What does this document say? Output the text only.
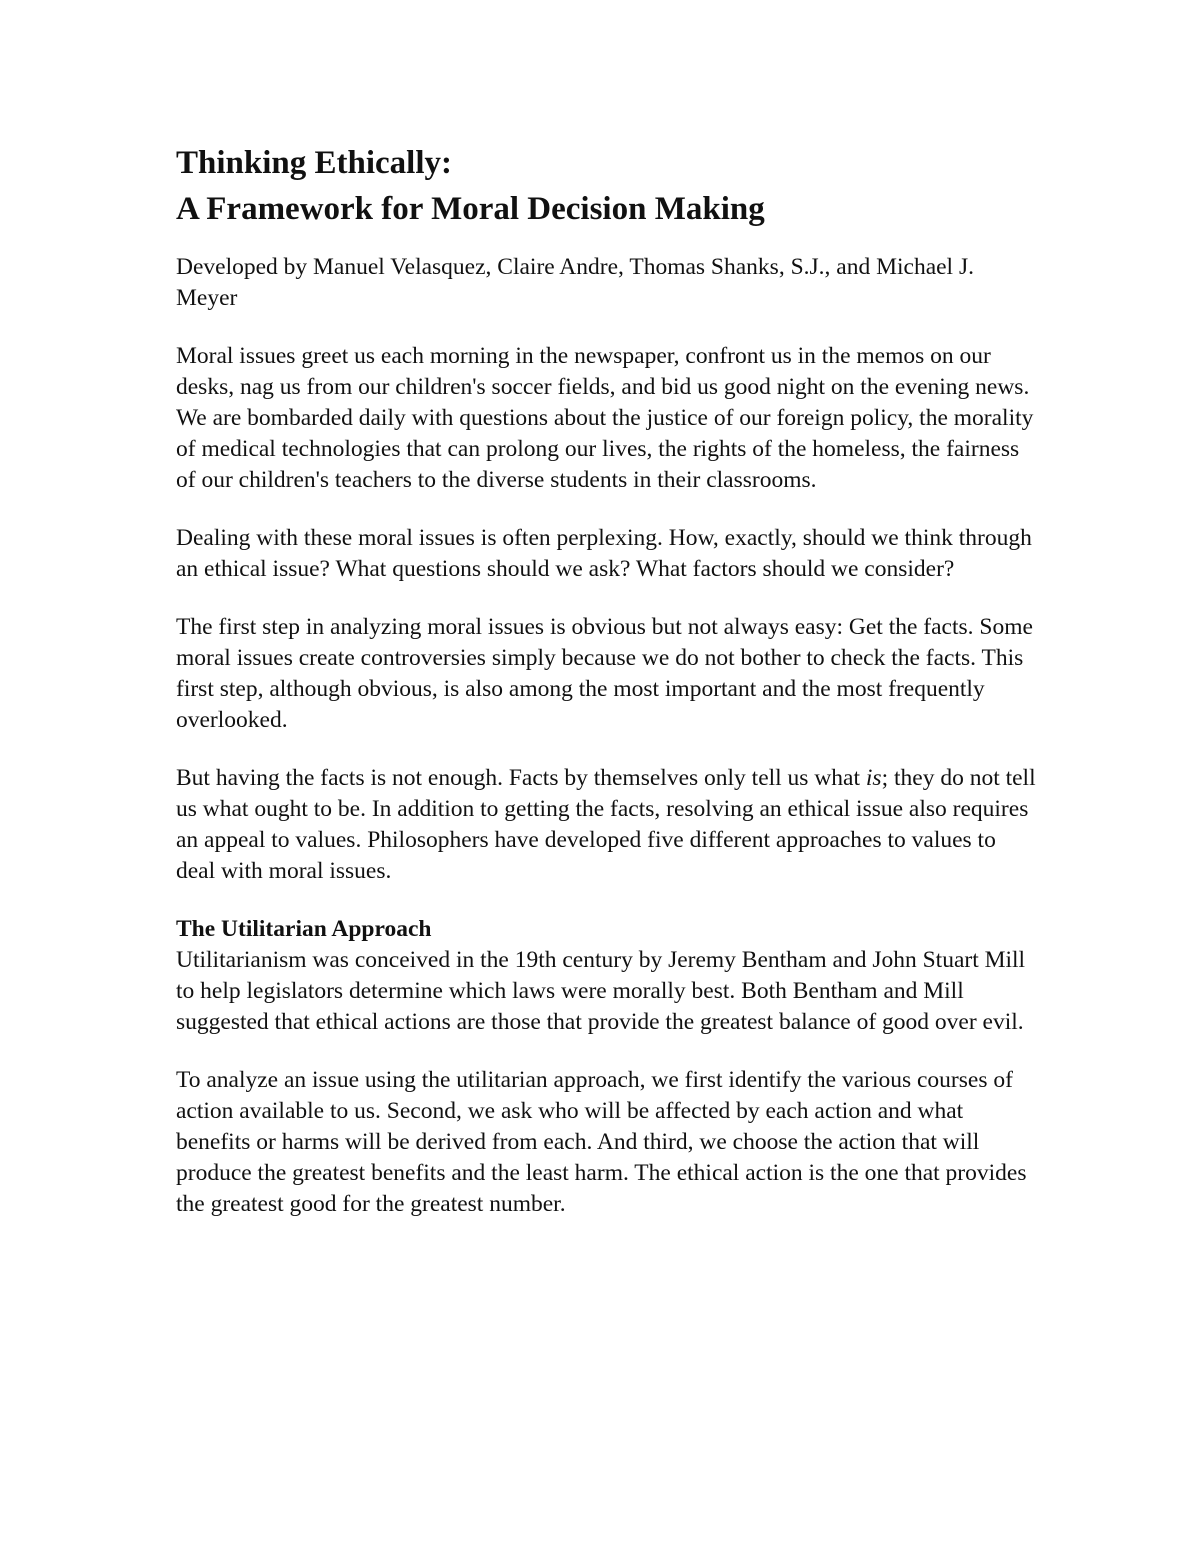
Thinking Ethically:
A Framework for Moral Decision Making

Developed by Manuel Velasquez, Claire Andre, Thomas Shanks, S.J., and Michael J. Meyer

Moral issues greet us each morning in the newspaper, confront us in the memos on our desks, nag us from our children's soccer fields, and bid us good night on the evening news. We are bombarded daily with questions about the justice of our foreign policy, the morality of medical technologies that can prolong our lives, the rights of the homeless, the fairness of our children's teachers to the diverse students in their classrooms.

Dealing with these moral issues is often perplexing. How, exactly, should we think through an ethical issue? What questions should we ask? What factors should we consider?

The first step in analyzing moral issues is obvious but not always easy: Get the facts. Some moral issues create controversies simply because we do not bother to check the facts. This first step, although obvious, is also among the most important and the most frequently overlooked.

But having the facts is not enough. Facts by themselves only tell us what is; they do not tell us what ought to be. In addition to getting the facts, resolving an ethical issue also requires an appeal to values. Philosophers have developed five different approaches to values to deal with moral issues.

The Utilitarian Approach

Utilitarianism was conceived in the 19th century by Jeremy Bentham and John Stuart Mill to help legislators determine which laws were morally best. Both Bentham and Mill suggested that ethical actions are those that provide the greatest balance of good over evil.

To analyze an issue using the utilitarian approach, we first identify the various courses of action available to us. Second, we ask who will be affected by each action and what benefits or harms will be derived from each. And third, we choose the action that will produce the greatest benefits and the least harm. The ethical action is the one that provides the greatest good for the greatest number.
